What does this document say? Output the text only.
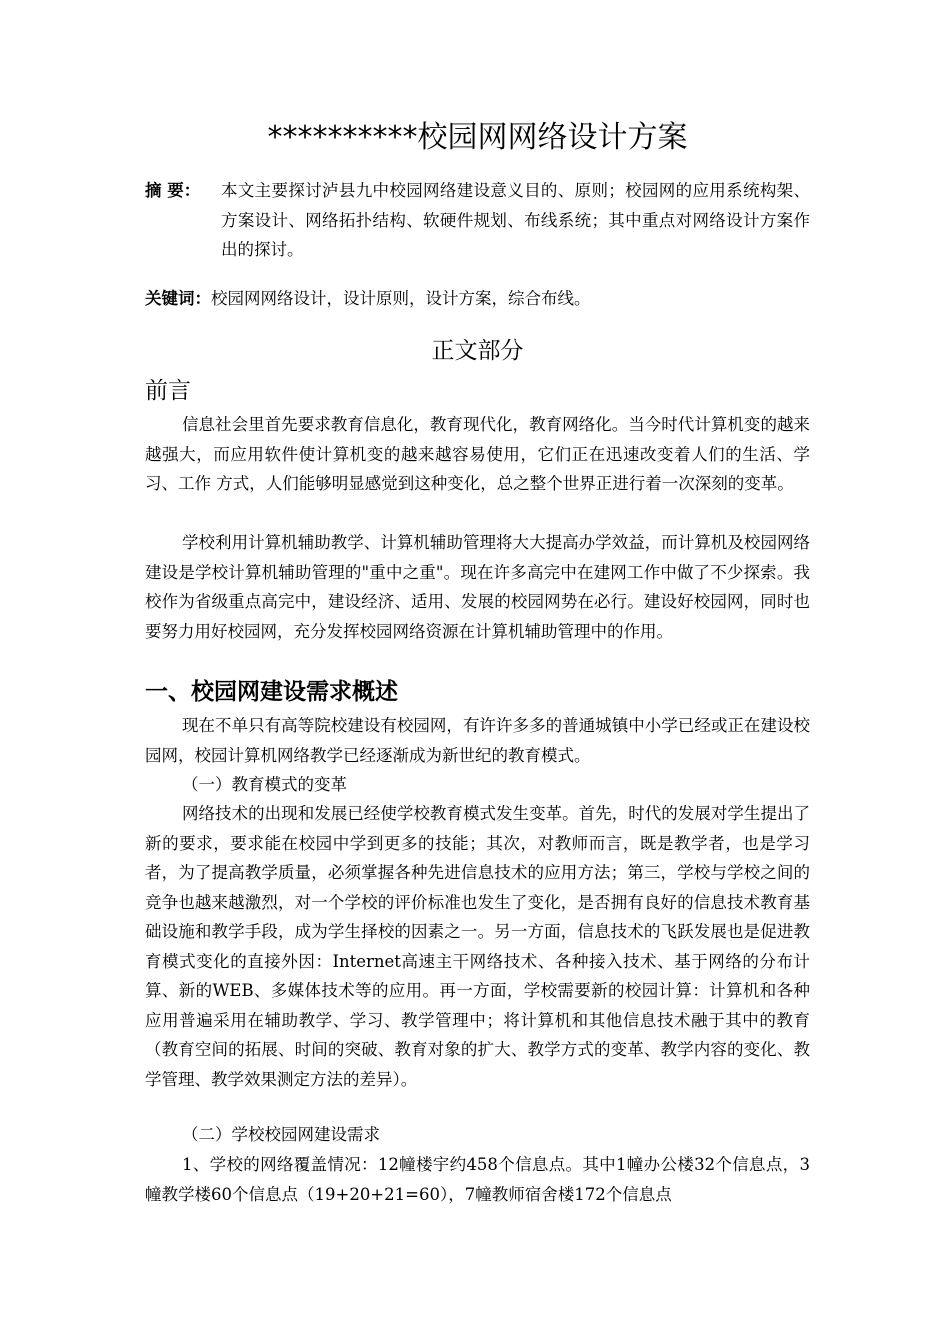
**********校园网网络设计方案
摘 要： 本文主要探讨泸县九中校园网络建设意义目的、原则；校园网的应用系统构架、方案设计、网络拓扑结构、软硬件规划、布线系统；其中重点对网络设计方案作出的探讨。
关键词：校园网网络设计，设计原则，设计方案，综合布线。
正文部分
前言
信息社会里首先要求教育信息化，教育现代化，教育网络化。当今时代计算机变的越来越强大，而应用软件使计算机变的越来越容易使用，它们正在迅速改变着人们的生活、学习、工作 方式，人们能够明显感觉到这种变化，总之整个世界正进行着一次深刻的变革。
学校利用计算机辅助教学、计算机辅助管理将大大提高办学效益，而计算机及校园网络建设是学校计算机辅助管理的"重中之重"。现在许多高完中在建网工作中做了不少探索。我校作为省级重点高完中，建设经济、适用、发展的校园网势在必行。建设好校园网，同时也要努力用好校园网，充分发挥校园网络资源在计算机辅助管理中的作用。
一、校园网建设需求概述
现在不单只有高等院校建设有校园网，有许许多多的普通城镇中小学已经或正在建设校园网，校园计算机网络教学已经逐渐成为新世纪的教育模式。
（一）教育模式的变革
网络技术的出现和发展已经使学校教育模式发生变革。首先，时代的发展对学生提出了新的要求，要求能在校园中学到更多的技能；其次，对教师而言，既是教学者，也是学习者，为了提高教学质量，必须掌握各种先进信息技术的应用方法；第三，学校与学校之间的竞争也越来越激烈，对一个学校的评价标准也发生了变化，是否拥有良好的信息技术教育基础设施和教学手段，成为学生择校的因素之一。另一方面，信息技术的飞跃发展也是促进教育模式变化的直接外因：Internet高速主干网络技术、各种接入技术、基于网络的分布计算、新的WEB、多媒体技术等的应用。再一方面，学校需要新的校园计算：计算机和各种应用普遍采用在辅助教学、学习、教学管理中；将计算机和其他信息技术融于其中的教育（教育空间的拓展、时间的突破、教育对象的扩大、教学方式的变革、教学内容的变化、教学管理、教学效果测定方法的差异）。
（二）学校校园网建设需求
1、学校的网络覆盖情况：12幢楼宇约458个信息点。其中1幢办公楼32个信息点，3幢教学楼60个信息点（19+20+21=60），7幢教师宿舍楼172个信息点
